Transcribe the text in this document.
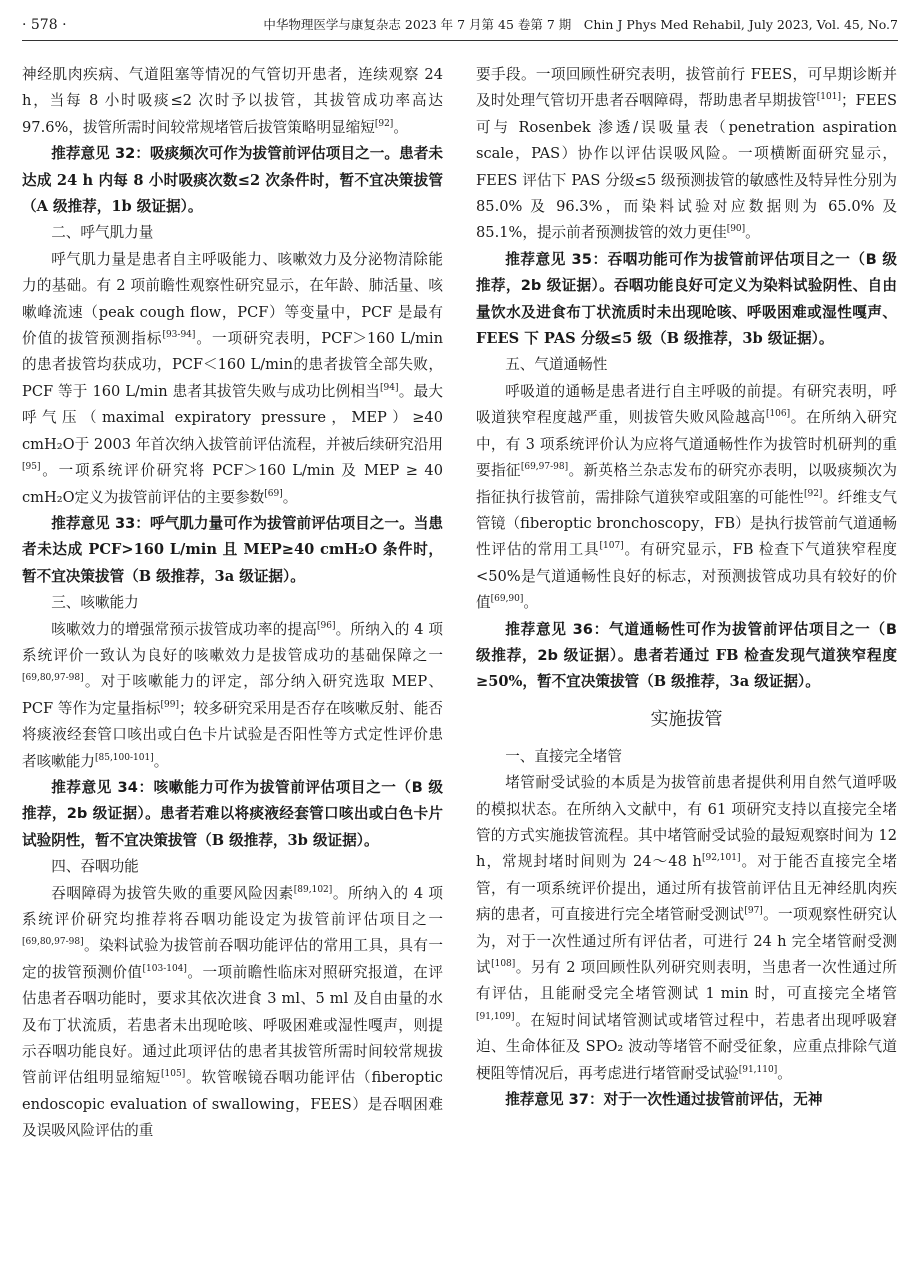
· 578 ·	中华物理医学与康复杂志 2023 年 7 月第 45 卷第 7 期　Chin J Phys Med Rehabil, July 2023, Vol. 45, No.7

神经肌肉疾病、气道阻塞等情况的气管切开患者，连续观察 24 h，当每 8 小时吸痰≤2 次时予以拔管，其拔管成功率高达 97.6%，拔管所需时间较常规堵管后拔管策略明显缩短[92]。

推荐意见 32：吸痰频次可作为拔管前评估项目之一。患者未达成 24 h 内每 8 小时吸痰次数≤2 次条件时，暂不宜决策拔管（A 级推荐，1b 级证据）。

二、呼气肌力量

呼气肌力量是患者自主呼吸能力、咳嗽效力及分泌物清除能力的基础。有 2 项前瞻性观察性研究显示，在年龄、肺活量、咳嗽峰流速（peak cough flow，PCF）等变量中，PCF 是最有价值的拔管预测指标[93-94]。一项研究表明，PCF＞160 L/min 的患者拔管均获成功，PCF＜160 L/min的患者拔管全部失败，PCF 等于 160 L/min 患者其拔管失败与成功比例相当[94]。最大呼气压（maximal expiratory pressure，MEP）≥40 cmH₂O于 2003 年首次纳入拔管前评估流程，并被后续研究沿用[95]。一项系统评价研究将 PCF＞160 L/min 及 MEP ≥ 40 cmH₂O定义为拔管前评估的主要参数[69]。

推荐意见 33：呼气肌力量可作为拔管前评估项目之一。当患者未达成 PCF>160 L/min 且 MEP≥40 cmH₂O 条件时，暂不宜决策拔管（B 级推荐，3a 级证据）。

三、咳嗽能力

咳嗽效力的增强常预示拔管成功率的提高[96]。所纳入的 4 项系统评价一致认为良好的咳嗽效力是拔管成功的基础保障之一[69,80,97-98]。对于咳嗽能力的评定，部分纳入研究选取 MEP、PCF 等作为定量指标[99]；较多研究采用是否存在咳嗽反射、能否将痰液经套管口咳出或白色卡片试验是否阳性等方式定性评价患者咳嗽能力[85,100-101]。

推荐意见 34：咳嗽能力可作为拔管前评估项目之一（B 级推荐，2b 级证据）。患者若难以将痰液经套管口咳出或白色卡片试验阴性，暂不宜决策拔管（B 级推荐，3b 级证据）。

四、吞咽功能

吞咽障碍为拔管失败的重要风险因素[89,102]。所纳入的 4 项系统评价研究均推荐将吞咽功能设定为拔管前评估项目之一[69,80,97-98]。染料试验为拔管前吞咽功能评估的常用工具，具有一定的拔管预测价值[103-104]。一项前瞻性临床对照研究报道，在评估患者吞咽功能时，要求其依次进食 3 ml、5 ml 及自由量的水及布丁状流质，若患者未出现呛咳、呼吸困难或湿性嘎声，则提示吞咽功能良好。通过此项评估的患者其拔管所需时间较常规拔管前评估组明显缩短[105]。软管喉镜吞咽功能评估（fiberoptic endoscopic evaluation of swallowing，FEES）是吞咽困难及误吸风险评估的重

要手段。一项回顾性研究表明，拔管前行 FEES，可早期诊断并及时处理气管切开患者吞咽障碍，帮助患者早期拔管[101]；FEES 可与 Rosenbek 渗透/误吸量表（penetration aspiration scale，PAS）协作以评估误吸风险。一项横断面研究显示，FEES 评估下 PAS 分级≤5 级预测拔管的敏感性及特异性分别为 85.0% 及 96.3%，而染料试验对应数据则为 65.0% 及 85.1%，提示前者预测拔管的效力更佳[90]。

推荐意见 35：吞咽功能可作为拔管前评估项目之一（B 级推荐，2b 级证据）。吞咽功能良好可定义为染料试验阴性、自由量饮水及进食布丁状流质时未出现呛咳、呼吸困难或湿性嘎声、FEES 下 PAS 分级≤5 级（B 级推荐，3b 级证据）。

五、气道通畅性

呼吸道的通畅是患者进行自主呼吸的前提。有研究表明，呼吸道狭窄程度越严重，则拔管失败风险越高[106]。在所纳入研究中，有 3 项系统评价认为应将气道通畅性作为拔管时机研判的重要指征[69,97-98]。新英格兰杂志发布的研究亦表明，以吸痰频次为指征执行拔管前，需排除气道狭窄或阻塞的可能性[92]。纤维支气管镜（fiberoptic bronchoscopy，FB）是执行拔管前气道通畅性评估的常用工具[107]。有研究显示，FB 检查下气道狭窄程度<50%是气道通畅性良好的标志，对预测拔管成功具有较好的价值[69,90]。

推荐意见 36：气道通畅性可作为拔管前评估项目之一（B 级推荐，2b 级证据）。患者若通过 FB 检查发现气道狭窄程度≥50%，暂不宜决策拔管（B 级推荐，3a 级证据）。

实施拔管
一、直接完全堵管

堵管耐受试验的本质是为拔管前患者提供利用自然气道呼吸的模拟状态。在所纳入文献中，有 61 项研究支持以直接完全堵管的方式实施拔管流程。其中堵管耐受试验的最短观察时间为 12 h，常规封堵时间则为 24～48 h[92,101]。对于能否直接完全堵管，有一项系统评价提出，通过所有拔管前评估且无神经肌肉疾病的患者，可直接进行完全堵管耐受测试[97]。一项观察性研究认为，对于一次性通过所有评估者，可进行 24 h 完全堵管耐受测试[108]。另有 2 项回顾性队列研究则表明，当患者一次性通过所有评估，且能耐受完全堵管测试 1 min 时，可直接完全堵管[91,109]。在短时间试堵管测试或堵管过程中，若患者出现呼吸窘迫、生命体征及 SPO₂ 波动等堵管不耐受征象，应重点排除气道梗阻等情况后，再考虑进行堵管耐受试验[91,110]。

推荐意见 37：对于一次性通过拔管前评估，无神
